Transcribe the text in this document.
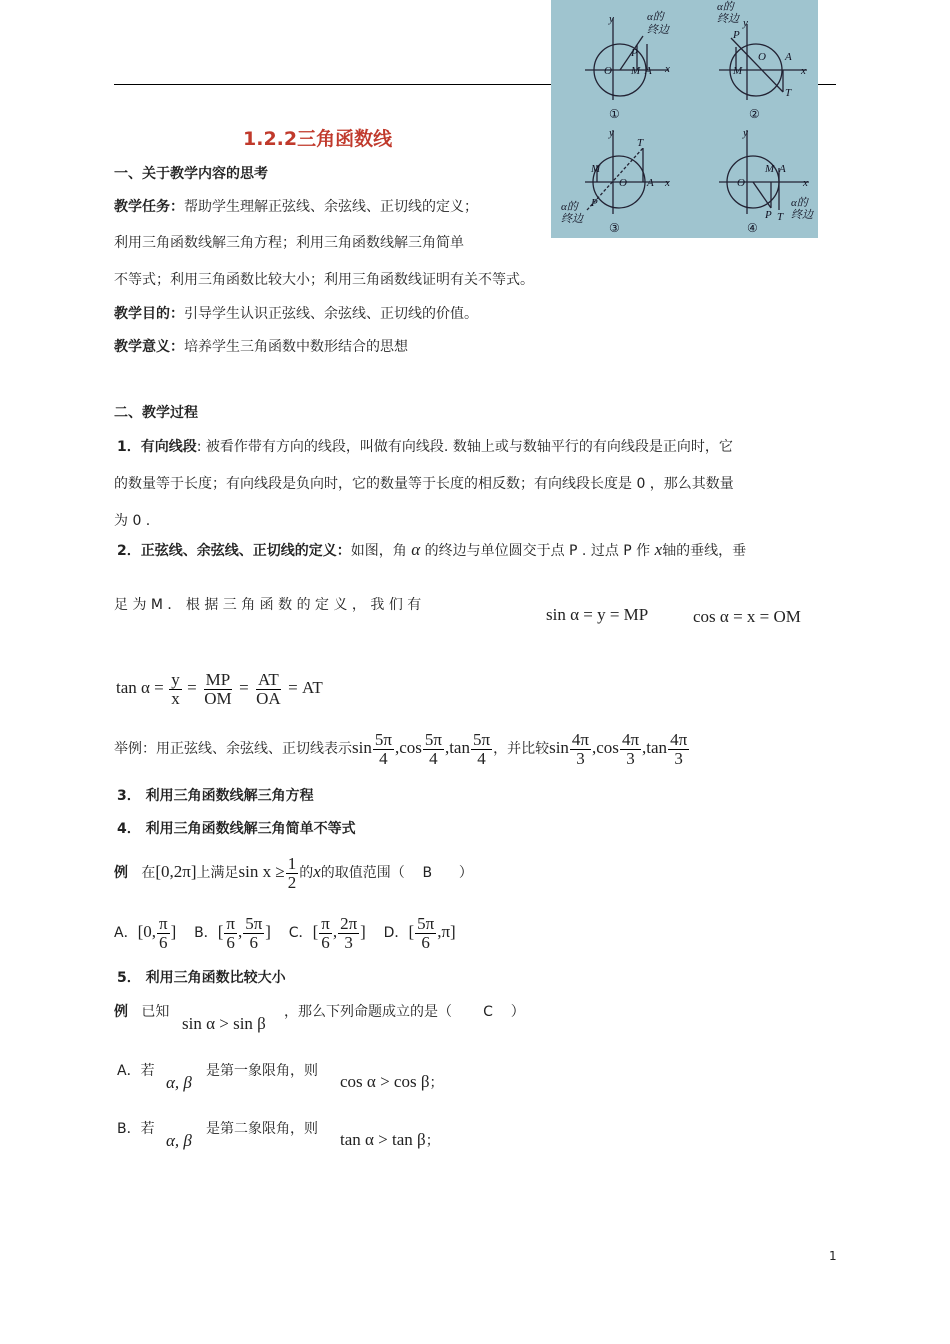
y
x
O M A
P
α的
终边
y
x
O
M
A
P
T
α的
终边
y
x
O
M
A
P
T
α的
终边
y
x
O
M A
P T
α的
终边
①	②
③	④
1.2.2三角函数线
一、关于教学内容的思考
教学任务：帮助学生理解正弦线、余弦线、正切线的定义；
利用三角函数线解三角方程；利用三角函数线解三角简单
不等式；利用三角函数比较大小；利用三角函数线证明有关不等式。
教学目的：引导学生认识正弦线、余弦线、正切线的价值。
教学意义：培养学生三角函数中数形结合的思想
二、教学过程
1．有向线段: 被看作带有方向的线段，叫做有向线段. 数轴上或与数轴平行的有向线段是正向时，它
的数量等于长度；有向线段是负向时，它的数量等于长度的相反数；有向线段长度是 0 ，那么其数量
为 0 .
2．正弦线、余弦线、正切线的定义：如图，角 α 的终边与单位圆交于点 P . 过点 P 作 x轴的垂线，垂
足 为 M ． 根 据 三 角 函 数 的 定 义 ， 我 们 有	sin α = y = MP	cos α = x = OM
$\tan \alpha = \frac{y}{x} = \frac{MP}{OM} = \frac{AT}{OA}$ = AT
举例：用正弦线、余弦线、正切线表示$\sin \frac{5\pi}{4} ,\cos \frac{5\pi}{4} ,\tan \frac{5\pi}{4}$ ，并比较$\sin \frac{4\pi}{3} ,\cos \frac{4\pi}{3} ,\tan \frac{4\pi}{3}$
3． 利用三角函数线解三角方程
4． 利用三角函数线解三角简单不等式
例 在[0,2π]上满足$\sin x \ge \frac{1}{2}$ 的x的取值范围（ B ）
A．[0, $\frac{\pi}{6}$ ] B．[ $\frac{\pi}{6}$ , $\frac{5\pi}{6}$ ] C．[ $\frac{\pi}{6}$ , $\frac{2\pi}{3}$ ] D．[ $\frac{5\pi}{6} ,\pi$]
5． 利用三角函数比较大小
例 已知
sin α > sin β
，那么下列命题成立的是（ C ）
A．若
α, β
是第一象限角，则
cos α > cos β；
B．若
α, β
是第二象限角，则
tan α > tan β；
1
